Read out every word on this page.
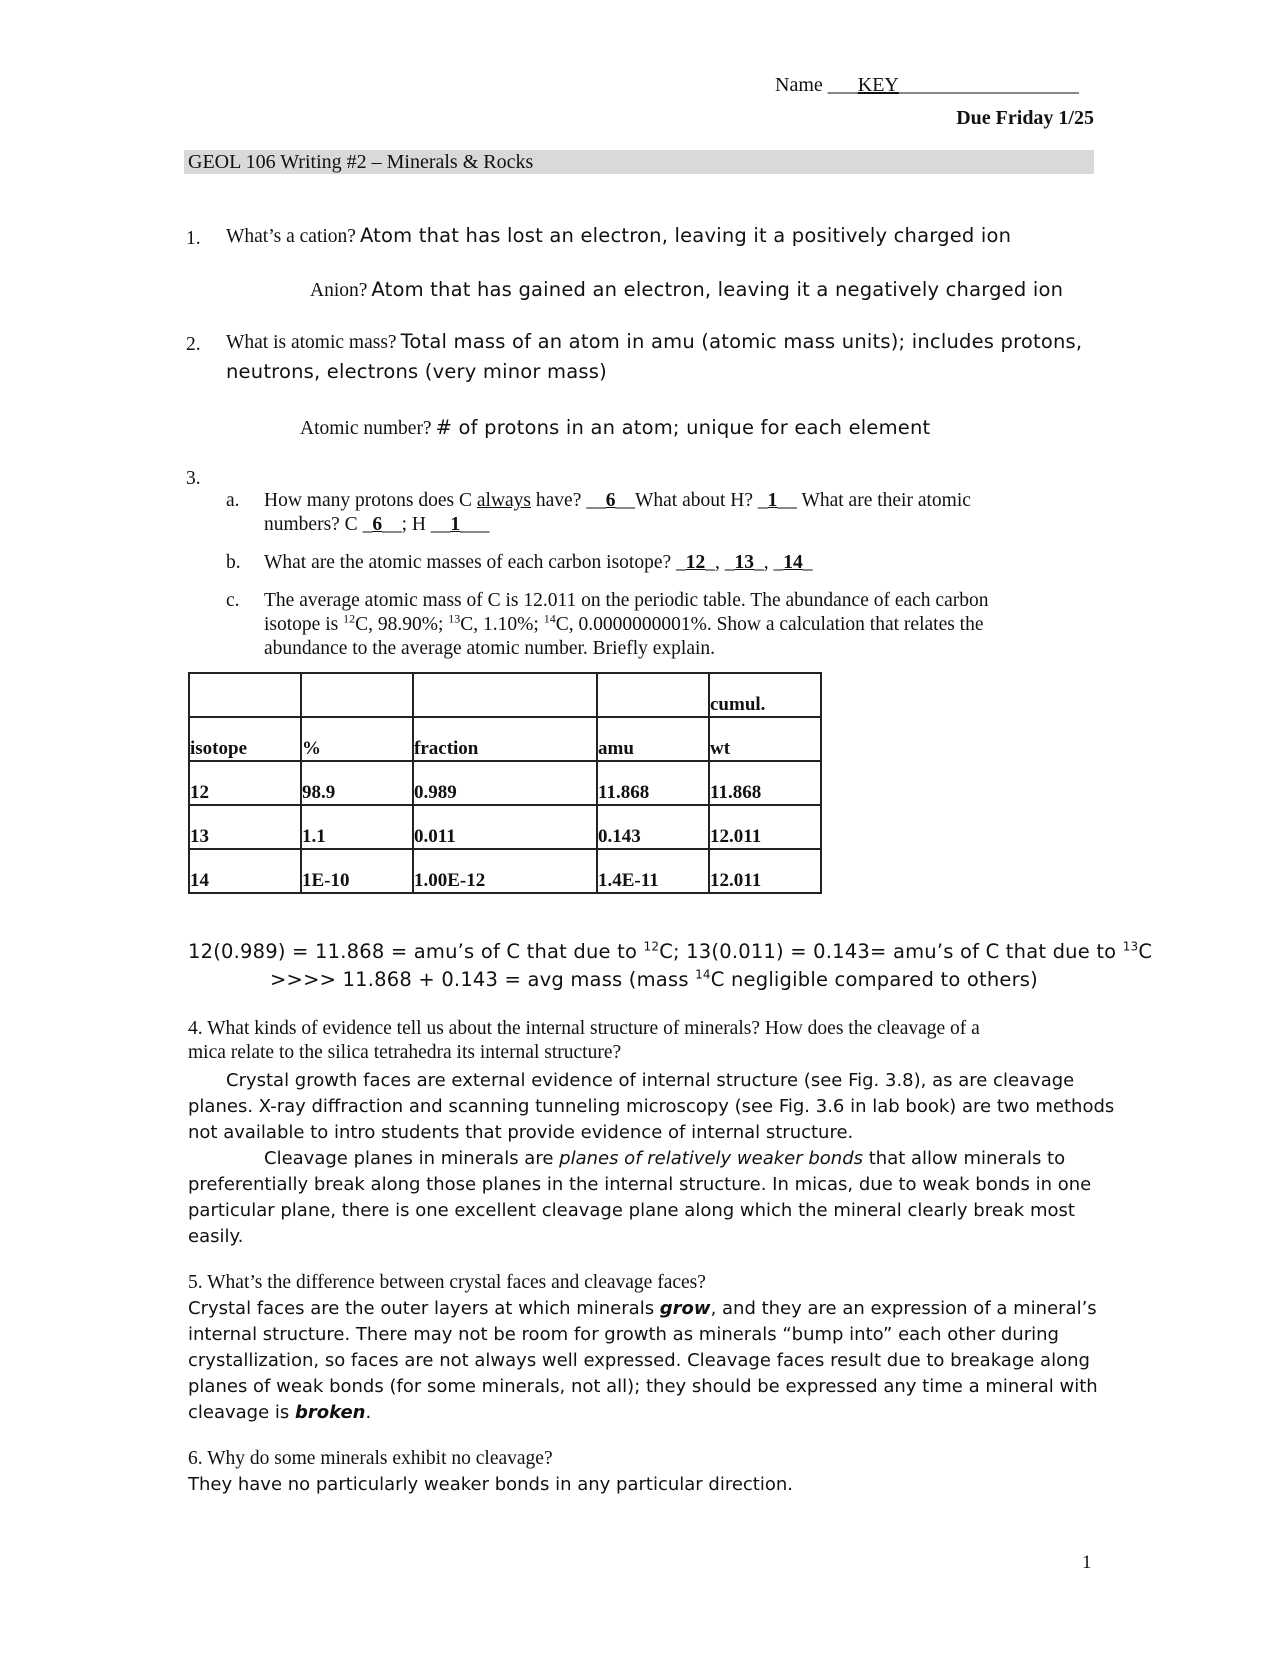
Name ___KEY__________________
Due Friday 1/25
GEOL 106 Writing #2 – Minerals & Rocks
1. What’s a cation? Atom that has lost an electron, leaving it a positively charged ion
Anion? Atom that has gained an electron, leaving it a negatively charged ion
2. What is atomic mass? Total mass of an atom in amu (atomic mass units); includes protons,
neutrons, electrons (very minor mass)
Atomic number? # of protons in an atom; unique for each element
3.
a. How many protons does C always have? __6__What about H? _1__ What are their atomic
numbers? C _6__; H __1___
b. What are the atomic masses of each carbon isotope? _12_, _13_, _14_
c. The average atomic mass of C is 12.011 on the periodic table. The abundance of each carbon
isotope is $^{12}$C, 98.90%; $^{13}$C, 1.10%; $^{14}$C, 0.0000000001%. Show a calculation that relates the
abundance to the average atomic number. Briefly explain.
				cumul.
isotope	%	fraction	amu	wt
12	98.9	0.989	11.868	11.868
13	1.1	0.011	0.143	12.011
14	1E-10	1.00E-12	1.4E-11	12.011
12(0.989) = 11.868 = amu’s of C that due to $^{12}$C; 13(0.011) = 0.143= amu’s of C that due to $^{13}$C
>>>> 11.868 + 0.143 = avg mass (mass $^{14}$C negligible compared to others)
4. What kinds of evidence tell us about the internal structure of minerals? How does the cleavage of a
mica relate to the silica tetrahedra its internal structure?
Crystal growth faces are external evidence of internal structure (see Fig. 3.8), as are cleavage
planes. X-ray diffraction and scanning tunneling microscopy (see Fig. 3.6 in lab book) are two methods
not available to intro students that provide evidence of internal structure.
Cleavage planes in minerals are planes of relatively weaker bonds that allow minerals to
preferentially break along those planes in the internal structure. In micas, due to weak bonds in one
particular plane, there is one excellent cleavage plane along which the mineral clearly break most
easily.
5. What’s the difference between crystal faces and cleavage faces?
Crystal faces are the outer layers at which minerals grow, and they are an expression of a mineral’s
internal structure. There may not be room for growth as minerals “bump into” each other during
crystallization, so faces are not always well expressed. Cleavage faces result due to breakage along
planes of weak bonds (for some minerals, not all); they should be expressed any time a mineral with
cleavage is broken.
6. Why do some minerals exhibit no cleavage?
They have no particularly weaker bonds in any particular direction.
1
